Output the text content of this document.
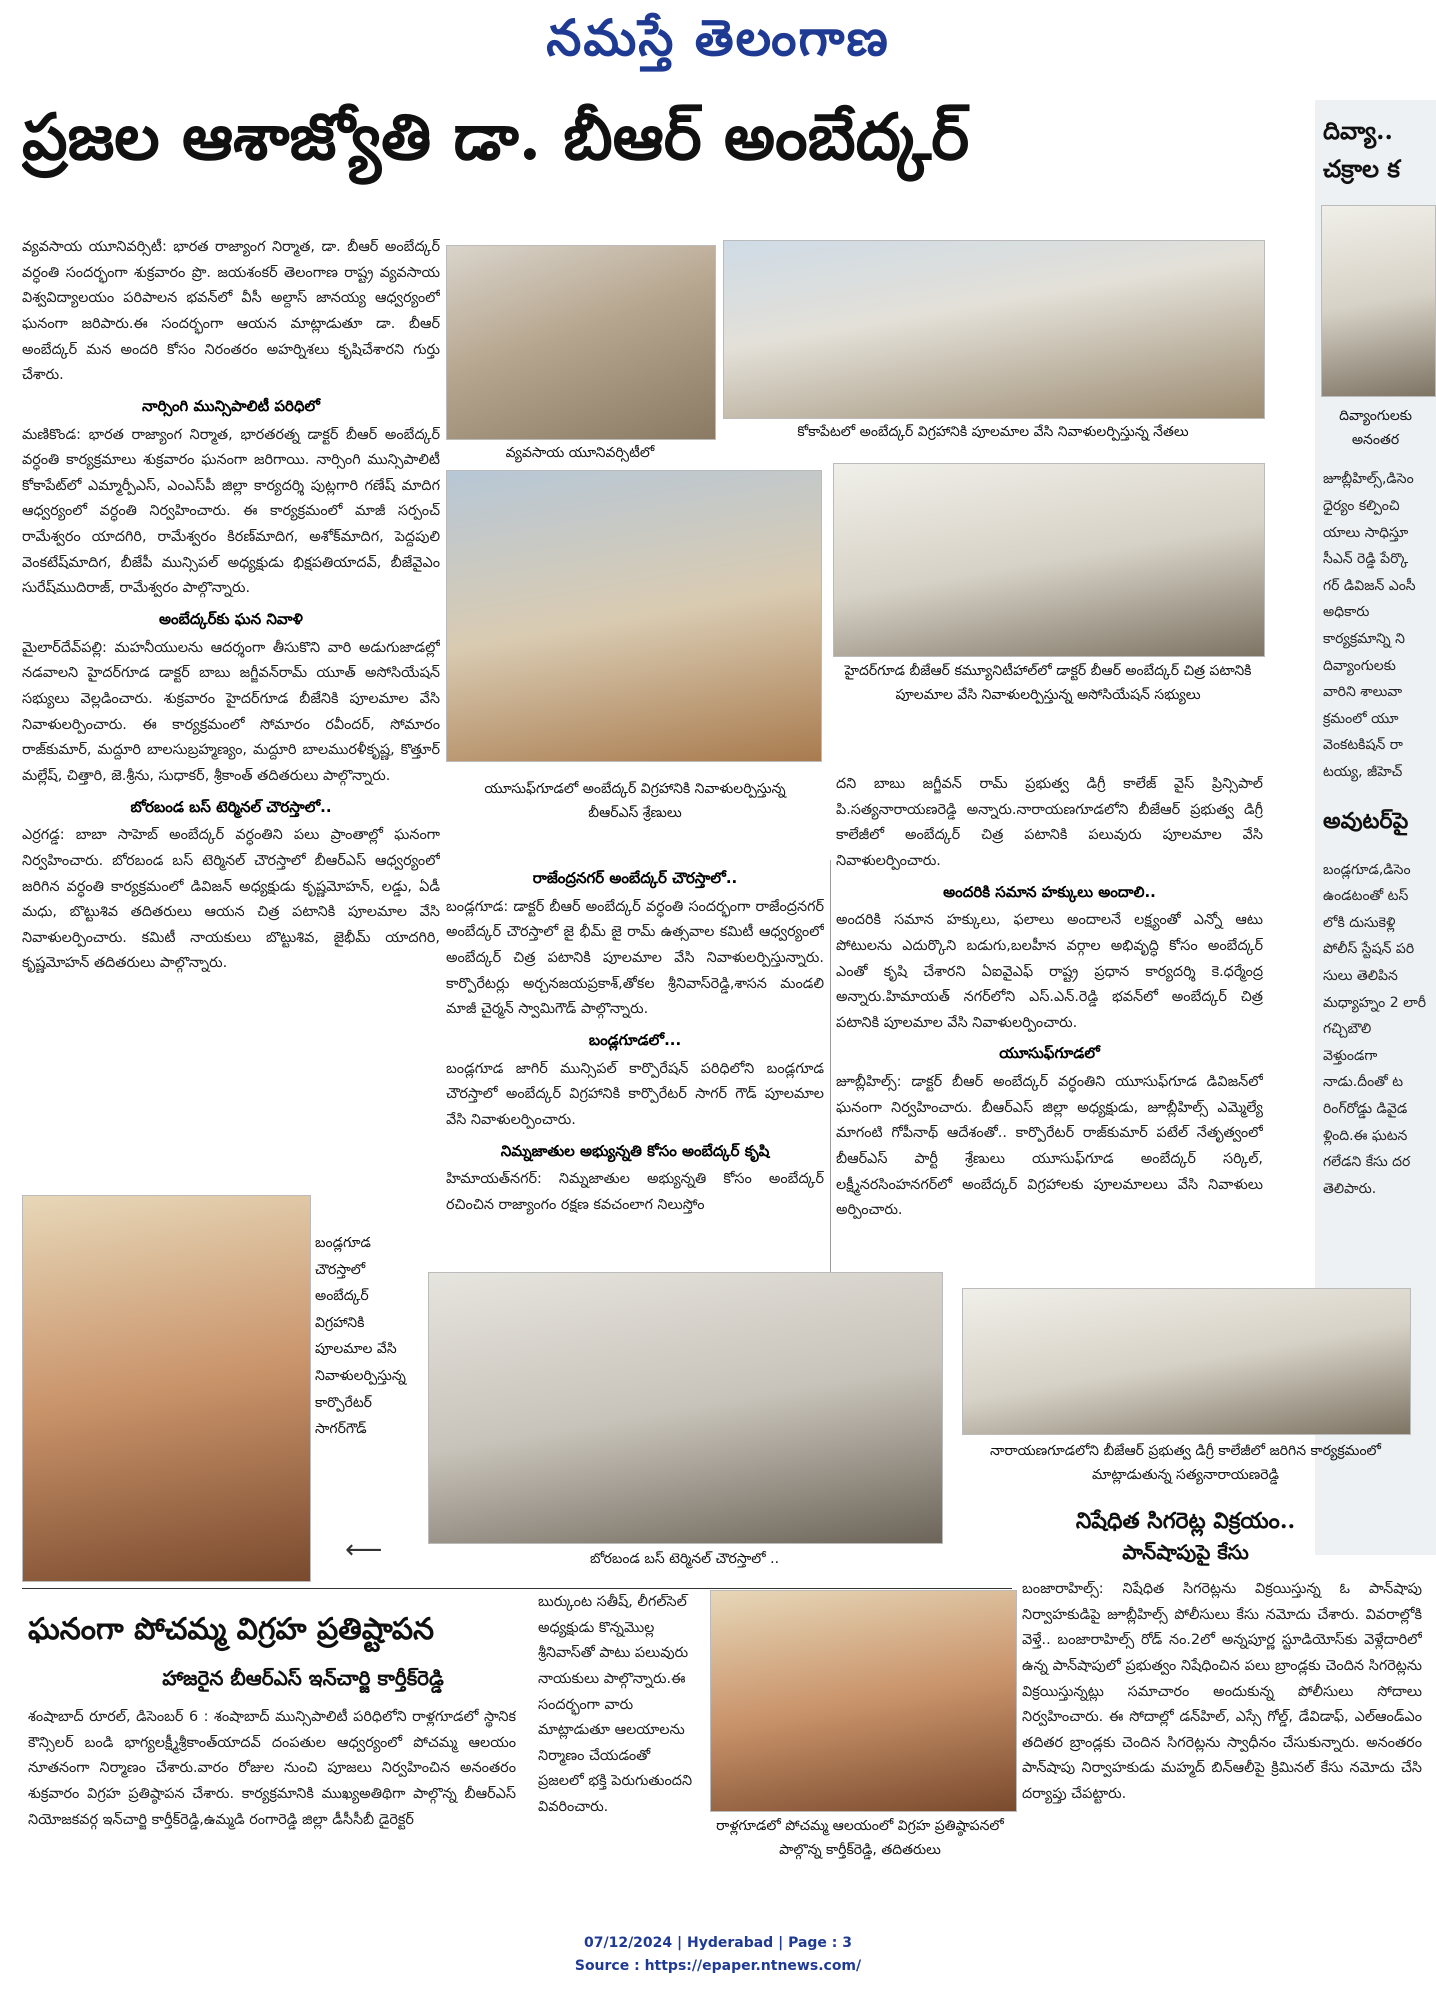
నమస్తే తెలంగాణ
ప్రజల ఆశాజ్యోతి డా. బీఆర్ అంబేద్కర్	దివ్యా.. చక్రాల క
దివ్యాంగులకు అనంతర
జూబ్లీహిల్స్,డిసెం ధైర్యం కల్పించి యాలు సాధిస్తూ సీఎన్ రెడ్డి పేర్కొ గర్ డివిజన్ ఎంసీ అధికారు కార్యక్రమాన్ని ని దివ్యాంగులకు వారిని శాలువా క్రమంలో యూ వెంకటకిషన్ రా టయ్య, జీహెచ్
అవుటర్‌పై
బండ్లగూడ,డిసెం ఉండటంతో టస్ లోకి దుసుకెళ్లి పోలీస్ స్టేషన్ పరి సులు తెలిపిన మధ్యాహ్నం 2 లారీ గచ్చిబౌలి వెళ్తుండగా నాడు.దీంతో ట రింగ్‌రోడ్డు డివైడ ళ్లింది.ఈ ఘటన గలేడని కేసు దర తెలిపారు.

వ్యవసాయ యూనివర్సిటీ: భారత రాజ్యాంగ నిర్మాత, డా. బీఆర్ అంబేద్కర్ వర్ధంతి సందర్భంగా శుక్రవారం ప్రొ. జయశంకర్ తెలంగాణ రాష్ట్ర వ్యవసాయ విశ్వవిద్యాలయం పరిపాలన భవన్‌లో వీసీ అల్దాస్ జానయ్య ఆధ్వర్యంలో ఘనంగా జరిపారు.ఈ సందర్భంగా ఆయన మాట్లాడుతూ డా. బీఆర్ అంబేద్కర్ మన అందరి కోసం నిరంతరం అహర్నిశలు కృషిచేశారని గుర్తు చేశారు.

నార్సింగి మున్సిపాలిటీ పరిధిలో

మణికొండ: భారత రాజ్యాంగ నిర్మాత, భారతరత్న డాక్టర్ బీఆర్ అంబేద్కర్ వర్ధంతి కార్యక్రమాలు శుక్రవారం ఘనంగా జరిగాయి. నార్సింగి మున్సిపాలిటీ కోకాపేట్‌లో ఎమ్మార్పీఎస్, ఎంఎస్‌పీ జిల్లా కార్యదర్శి పుట్లగారి గణేష్ మాదిగ ఆధ్వర్యంలో వర్ధంతి నిర్వహించారు. ఈ కార్యక్రమంలో మాజీ సర్పంచ్ రామేశ్వరం యాదగిరి, రామేశ్వరం కిరణ్‌మాదిగ, అశోక్‌మాదిగ, పెద్దపులి వెంకటేష్‌మాదిగ, బీజేపీ మున్సిపల్ అధ్యక్షుడు భిక్షపతియాదవ్, బీజేవైఎం సురేష్‌ముదిరాజ్, రామేశ్వరం పాల్గొన్నారు.

అంబేద్కర్‌కు ఘన నివాళి

మైలార్‌దేవ్‌పల్లి: మహనీయులను ఆదర్శంగా తీసుకొని వారి అడుగుజాడల్లో నడవాలని హైదర్‌గూడ డాక్టర్ బాబు జగ్జీవన్‌రామ్ యూత్ అసోసియేషన్ సభ్యులు వెల్లడించారు. శుక్రవారం హైదర్‌గూడ బీజేనికి పూలమాల వేసి నివాళులర్పించారు. ఈ కార్యక్రమంలో సోమారం రవీందర్, సోమారం రాజ్‌కుమార్, మద్దూరి బాలసుబ్రహ్మణ్యం, మద్దూరి బాలమురళీకృష్ణ, కొత్తూర్ మల్లేష్, చిత్తారి, జె.శ్రీను, సుధాకర్, శ్రీకాంత్ తదితరులు పాల్గొన్నారు.

బోరబండ బస్ టెర్మినల్ చౌరస్తాలో..

ఎర్రగడ్డ: బాబా సాహెబ్ అంబేద్కర్ వర్ధంతిని పలు ప్రాంతాల్లో ఘనంగా నిర్వహించారు. బోరబండ బస్ టెర్మినల్ చౌరస్తాలో బీఆర్‌ఎస్ ఆధ్వర్యంలో జరిగిన వర్ధంతి కార్యక్రమంలో డివిజన్ అధ్యక్షుడు కృష్ణమోహన్, లడ్డు, ఏడీ మధు, బొట్టుశివ తదితరులు ఆయన చిత్ర పటానికి పూలమాల వేసి నివాళులర్పించారు. కమిటీ నాయకులు బొట్టుశివ, జైభీమ్ యాదగిరి, కృష్ణమోహన్ తదితరులు పాల్గొన్నారు.

వ్యవసాయ యూనివర్సిటీలో
కోకాపేటలో అంబేద్కర్ విగ్రహానికి పూలమాల వేసి నివాళులర్పిస్తున్న నేతలు
యూసుఫ్‌గూడలో అంబేద్కర్ విగ్రహానికి నివాళులర్పిస్తున్న బీఆర్‌ఎస్ శ్రేణులు
హైదర్‌గూడ బీజేఆర్ కమ్యూనిటీహాల్‌లో డాక్టర్ బీఆర్ అంబేద్కర్ చిత్ర పటానికి పూలమాల వేసి నివాళులర్పిస్తున్న అసోసియేషన్ సభ్యులు
రాజేంద్రనగర్ అంబేద్కర్ చౌరస్తాలో..

బండ్లగూడ: డాక్టర్ బీఆర్ అంబేద్కర్ వర్ధంతి సందర్భంగా రాజేంద్రనగర్ అంబేద్కర్ చౌరస్తాలో జై భీమ్ జై రామ్ ఉత్సవాల కమిటీ ఆధ్వర్యంలో అంబేద్కర్ చిత్ర పటానికి పూలమాల వేసి నివాళులర్పిస్తున్నారు. కార్పొరేటర్లు అర్చనజయప్రకాశ్,తోకల శ్రీనివాస్‌రెడ్డి,శాసన మండలి మాజీ చైర్మన్ స్వామిగౌడ్ పాల్గొన్నారు.

బండ్లగూడలో...

బండ్లగూడ జాగిర్ మున్సిపల్ కార్పొరేషన్ పరిధిలోని బండ్లగూడ చౌరస్తాలో అంబేద్కర్ విగ్రహానికి కార్పొరేటర్ సాగర్ గౌడ్ పూలమాల వేసి నివాళులర్పించారు.

నిమ్నజాతుల అభ్యున్నతి కోసం అంబేద్కర్ కృషి

హిమాయత్‌నగర్: నిమ్నజాతుల అభ్యున్నతి కోసం అంబేద్కర్ రచించిన రాజ్యాంగం రక్షణ కవచంలాగ నిలుస్తోం

దని బాబు జగ్జీవన్ రామ్ ప్రభుత్వ డిగ్రీ కాలేజ్ వైస్ ప్రిన్సిపాల్ పి.సత్యనారాయణరెడ్డి అన్నారు.నారాయణగూడలోని బీజేఆర్ ప్రభుత్వ డిగ్రీ కాలేజీలో అంబేద్కర్ చిత్ర పటానికి పలువురు పూలమాల వేసి నివాళులర్పించారు.

అందరికి సమాన హక్కులు అందాలి..

అందరికి సమాన హక్కులు, ఫలాలు అందాలనే లక్ష్యంతో ఎన్నో ఆటు పోటులను ఎదుర్కొని బడుగు,బలహీన వర్గాల అభివృద్ధి కోసం అంబేద్కర్ ఎంతో కృషి చేశారని ఏఐవైఎఫ్ రాష్ట్ర ప్రధాన కార్యదర్శి కె.ధర్మేంద్ర అన్నారు.హిమాయత్ నగర్‌లోని ఎస్.ఎన్.రెడ్డి భవన్‌లో అంబేద్కర్ చిత్ర పటానికి పూలమాల వేసి నివాళులర్పించారు.

యూసుఫ్‌గూడలో

జూబ్లీహిల్స్: డాక్టర్ బీఆర్ అంబేద్కర్ వర్ధంతిని యూసుఫ్‌గూడ డివిజన్‌లో ఘనంగా నిర్వహించారు. బీఆర్‌ఎస్ జిల్లా అధ్యక్షుడు, జూబ్లీహిల్స్ ఎమ్మెల్యే మాగంటి గోపీనాథ్ ఆదేశంతో.. కార్పొరేటర్ రాజ్‌కుమార్ పటేల్ నేతృత్వంలో బీఆర్‌ఎస్ పార్టీ శ్రేణులు యూసుఫ్‌గూడ అంబేద్కర్ సర్కిల్, లక్ష్మీనరసింహనగర్‌లో అంబేద్కర్ విగ్రహాలకు పూలమాలలు వేసి నివాళులు అర్పించారు.

బండ్లగూడ చౌరస్తాలో అంబేద్కర్ విగ్రహానికి పూలమాల వేసి నివాళులర్పిస్తున్న కార్పొరేటర్ సాగర్‌గౌడ్
⟵	బోరబండ బస్ టెర్మినల్ చౌరస్తాలో ..
నారాయణగూడలోని బీజేఆర్ ప్రభుత్వ డిగ్రీ కాలేజీలో జరిగిన కార్యక్రమంలో మాట్లాడుతున్న సత్యనారాయణరెడ్డి
నిషేధిత సిగరెట్ల విక్రయం..
పాన్‌షాపుపై కేసు
బంజారాహిల్స్: నిషేధిత సిగరెట్లను విక్రయిస్తున్న ఓ పాన్‌షాపు నిర్వాహకుడిపై జూబ్లీహిల్స్ పోలీసులు కేసు నమోదు చేశారు. వివరాల్లోకి వెళ్తే.. బంజారాహిల్స్ రోడ్ నం.2లో అన్నపూర్ణ స్టూడియోస్‌కు వెళ్లేదారిలో ఉన్న పాన్‌షాపులో ప్రభుత్వం నిషేధించిన పలు బ్రాండ్లకు చెందిన సిగరెట్లను విక్రయిస్తున్నట్లు సమాచారం అందుకున్న పోలీసులు సోదాలు నిర్వహించారు. ఈ సోదాల్లో డన్‌హిల్, ఎస్సే గోల్డ్, డేవిడాఫ్, ఎల్ఆండ్ఎం తదితర బ్రాండ్లకు చెందిన సిగరెట్లను స్వాధీనం చేసుకున్నారు. అనంతరం పాన్‌షాపు నిర్వాహకుడు మహ్మద్ బిన్ఆలీపై క్రిమినల్ కేసు నమోదు చేసి దర్యాప్తు చేపట్టారు.
ఘనంగా పోచమ్మ విగ్రహ ప్రతిష్టాపన
హాజరైన బీఆర్‌ఎస్ ఇన్‌చార్జి కార్తీక్‌రెడ్డి
శంషాబాద్ రూరల్, డిసెంబర్ 6 : శంషాబాద్ మున్సిపాలిటీ పరిధిలోని రాళ్లగూడలో స్థానిక కౌన్సిలర్ బండి భాగ్యలక్ష్మీశ్రీకాంత్‌యాదవ్ దంపతుల ఆధ్వర్యంలో పోచమ్మ ఆలయం నూతనంగా నిర్మాణం చేశారు.వారం రోజుల నుంచి పూజలు నిర్వహించిన అనంతరం శుక్రవారం విగ్రహ ప్రతిష్ఠాపన చేశారు. కార్యక్రమానికి ముఖ్యఅతిథిగా పాల్గొన్న బీఆర్‌ఎస్ నియోజకవర్గ ఇన్‌చార్జి కార్తీక్‌రెడ్డి,ఉమ్మడి రంగారెడ్డి జిల్లా డీసీసీబీ డైరెక్టర్
బుర్కుంట సతీష్, లీగల్‌సెల్ అధ్యక్షుడు కొన్నమొల్ల శ్రీనివాస్‌తో పాటు పలువురు నాయకులు పాల్గొన్నారు.ఈ సందర్భంగా వారు మాట్లాడుతూ ఆలయాలను నిర్మాణం చేయడంతో ప్రజలలో భక్తి పెరుగుతుందని వివరించారు.
రాళ్లగూడలో పోచమ్మ ఆలయంలో విగ్రహ ప్రతిష్ఠాపనలో పాల్గొన్న కార్తీక్‌రెడ్డి, తదితరులు
07/12/2024 | Hyderabad | Page : 3
Source : https://epaper.ntnews.com/
